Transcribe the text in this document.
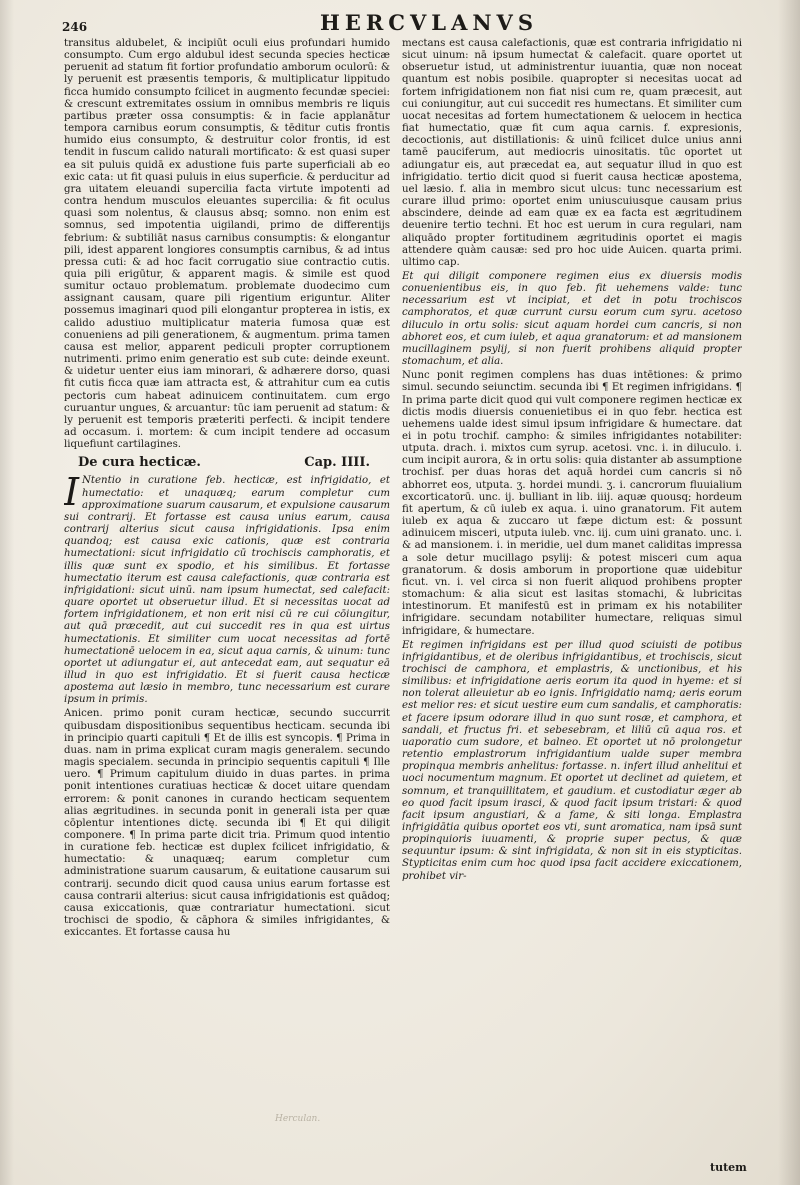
246	HERCVLANVS

transitus aldubelet, & incipiūt oculi eius profundari humido consumpto. Cum ergo aldubul idest secunda species hecticæ peruenit ad statum fit fortior profundatio amborum oculorū: & ly peruenit est præsentis temporis, & multiplicatur lippitudo ficca humido consumpto fcilicet in augmento fecundæ speciei: & crescunt extremitates ossium in omnibus membris re liquis partibus præter ossa consumptis: & in facie applanātur tempora carnibus eorum consumptis, & tēditur cutis frontis humido eius consumpto, & destruitur color frontis, id est tendit in fuscum calido naturali mortificato: & est quasi super ea sit puluis quidā ex adustione fuis parte superficiali ab eo exic cata: ut fit quasi puluis in eius superficie. & perducitur ad gra uitatem eleuandi supercilia facta virtute impotenti ad contra hendum musculos eleuantes supercilia: & fit oculus quasi som nolentus, & clausus absq; somno. non enim est somnus, sed impotentia uigilandi, primo de differentijs febrium: & subtiliāt nasus carnibus consumptis: & elongantur pili, idest apparent longiores consumptis carnibus, & ad intus pressa cuti: & ad hoc facit corrugatio siue contractio cutis. quia pili erigūtur, & apparent magis. & simile est quod sumitur octauo problematum. problemate duodecimo cum assignant causam, quare pili rigentium eriguntur. Aliter possemus imaginari quod pili elongantur propterea in istis, ex calido adustiuo multiplicatur materia fumosa quæ est conueniens ad pili generationem, & augmentum. prima tamen causa est melior, apparent pediculi propter corruptionem nutrimenti. primo enim generatio est sub cute: deinde exeunt. & uidetur uenter eius iam minorari, & adhærere dorso, quasi fit cutis ficca quæ iam attracta est, & attrahitur cum ea cutis pectoris cum habeat adinuicem continuitatem. cum ergo curuantur ungues, & arcuantur: tūc iam peruenit ad statum: & ly peruenit est temporis præteriti perfecti. & incipit tendere ad occasum. i. mortem: & cum incipit tendere ad occasum liquefiunt cartilagines.

De cura hecticæ.	Cap. IIII.

I Ntentio in curatione feb. hecticæ, est infrigidatio, et humectatio: et unaquæq; earum completur cum approximatione suarum causarum, et expulsione causarum sui contrarij. Et fortasse est causa unius earum, causa contrarij alterius sicut causa infrigidationis. Ipsa enim quandoq; est causa exic cationis, quæ est contraria humectationi: sicut infrigidatio cū trochiscis camphoratis, et illis quæ sunt ex spodio, et his similibus. Et fortasse humectatio iterum est causa calefactionis, quæ contraria est infrigidationi: sicut uinū. nam ipsum humectat, sed calefacit: quare oportet ut obseruetur illud. Et si necessitas uocat ad fortem infrigidationem, et non erit nisi cū re cui cōiungitur, aut quā præcedit, aut cui succedit res in qua est uirtus humectationis. Et similiter cum uocat necessitas ad fortē humectationē uelocem in ea, sicut aqua carnis, & uinum: tunc oportet ut adiungatur ei, aut antecedat eam, aut sequatur eā illud in quo est infrigidatio. Et si fuerit causa hecticæ apostema aut læsio in membro, tunc necessarium est curare ipsum in primis.

Anicen. primo ponit curam hecticæ, secundo succurrit quibusdam dispositionibus sequentibus hecticam. secunda ibi in principio quarti capituli ¶ Et de illis est syncopis. ¶ Prima in duas. nam in prima explicat curam magis generalem. secundo magis specialem. secunda in principio sequentis capituli ¶ Ille uero. ¶ Primum capitulum diuido in duas partes. in prima ponit intentiones curatiuas hecticæ & docet uitare quendam errorem: & ponit canones in curando hecticam sequentem alias ægritudines. in secunda ponit in generali ista per quæ cōplentur intentiones dictę. secunda ibi ¶ Et qui diligit componere. ¶ In prima parte dicit tria. Primum quod intentio in curatione feb. hecticæ est duplex fcilicet infrigidatio, & humectatio: & unaquæq; earum completur cum administratione suarum causarum, & euitatione causarum sui contrarij. secundo dicit quod causa unius earum fortasse est causa contrarii alterius: sicut causa infrigidationis est quādoq; causa exiccationis, quæ contrariatur humectationi. sicut trochisci de spodio, & cāphora & similes infrigidantes, & exiccantes. Et fortasse causa hu

mectans est causa calefactionis, quæ est contraria infrigidatio ni sicut uinum: nā ipsum humectat & calefacit. quare oportet ut obseruetur istud, ut administrentur iuuantia, quæ non noceat quantum est nobis posibile. quapropter si necesitas uocat ad fortem infrigidationem non fiat nisi cum re, quam præcesit, aut cui coniungitur, aut cui succedit res humectans. Et similiter cum uocat necesitas ad fortem humectationem & uelocem in hectica fiat humectatio, quæ fit cum aqua carnis. f. expresionis, decoctionis, aut distillationis: & uinū fcilicet dulce unius anni tamē pauciferum, aut mediocris uinositatis. tūc oportet ut adiungatur eis, aut præcedat ea, aut sequatur illud in quo est infrigidatio. tertio dicit quod si fuerit causa hecticæ apostema, uel læsio. f. alia in membro sicut ulcus: tunc necessarium est curare illud primo: oportet enim uniuscuiusque causam prius abscindere, deinde ad eam quæ ex ea facta est ægritudinem deuenire tertio techni. Et hoc est uerum in cura regulari, nam aliquādo propter fortitudinem ægritudinis oportet ei magis attendere quàm causæ: sed pro hoc uide Auicen. quarta primi. ultimo cap.

Et qui diligit componere regimen eius ex diuersis modis conuenientibus eis, in quo feb. fit uehemens valde: tunc necessarium est vt incipiat, et det in potu trochiscos camphoratos, et quæ currunt cursu eorum cum syru. acetoso diluculo in ortu solis: sicut aquam hordei cum cancris, si non abhoret eos, et cum iuleb, et aqua granatorum: et ad mansionem mucillaginem psylij, si non fuerit prohibens aliquid propter stomachum, et alia.

Nunc ponit regimen complens has duas intētiones: & primo simul. secundo seiunctim. secunda ibi ¶ Et regimen infrigidans. ¶ In prima parte dicit quod qui vult componere regimen hecticæ ex dictis modis diuersis conuenietibus ei in quo febr. hectica est uehemens ualde idest simul ipsum infrigidare & humectare. dat ei in potu trochif. campho: & similes infrigidantes notabiliter: utputa. drach. i. mixtos cum syrup. acetosi. vnc. i. in diluculo. i. cum incipit aurora, & in ortu solis: quia distanter ab assumptione trochisf. per duas horas det aquā hordei cum cancris si nō abhorret eos, utputa. ʒ. hordei mundi. ʒ. i. cancrorum fluuialium excorticatorū. unc. ij. bulliant in lib. iiij. aquæ quousq; hordeum fit apertum, & cū iuleb ex aqua. i. uino granatorum. Fit autem iuleb ex aqua & zuccaro ut fæpe dictum est: & possunt adinuicem misceri, utputa iuleb. vnc. iij. cum uini granato. unc. i. & ad mansionem. i. in meridie, uel dum manet caliditas impressa a sole detur mucillago psylij: & potest misceri cum aqua granatorum. & dosis amborum in proportione quæ uidebitur ficut. vn. i. vel circa si non fuerit aliquod prohibens propter stomachum: & alia sicut est lasitas stomachi, & lubricitas intestinorum. Et manifestū est in primam ex his notabiliter infrigidare. secundam notabiliter humectare, reliquas simul infrigidare, & humectare.

Et regimen infrigidans est per illud quod sciuisti de potibus infrigidantibus, et de oleribus infrigidantibus, et trochiscis, sicut trochisci de camphora, et emplastris, & unctionibus, et his similibus: et infrigidatione aeris eorum ita quod in hyeme: et si non tolerat alleuietur ab eo ignis. Infrigidatio namq; aeris eorum est melior res: et sicut uestire eum cum sandalis, et camphoratis: et facere ipsum odorare illud in quo sunt rosæ, et camphora, et sandali, et fructus fri. et sebesebram, et liliū cū aqua ros. et uaporatio cum sudore, et balneo. Et oportet ut nō prolongetur retentio emplastrorum infrigidantium ualde super membra propinqua membris anhelitus: fortasse. n. infert illud anhelitui et uoci nocumentum magnum. Et oportet ut declinet ad quietem, et somnum, et tranquillitatem, et gaudium. et custodiatur æger ab eo quod facit ipsum irasci, & quod facit ipsum tristari: & quod facit ipsum angustiari, & a fame, & siti longa. Emplastra infrigidātia quibus oportet eos vti, sunt aromatica, nam ipsā sunt propinquioris iuuamenti, & proprie super pectus, & quæ sequuntur ipsum: & sint infrigidata, & non sit in eis stypticitas. Stypticitas enim cum hoc quod ipsa facit accidere exiccationem, prohibet vir-

Herculan.
tutem
